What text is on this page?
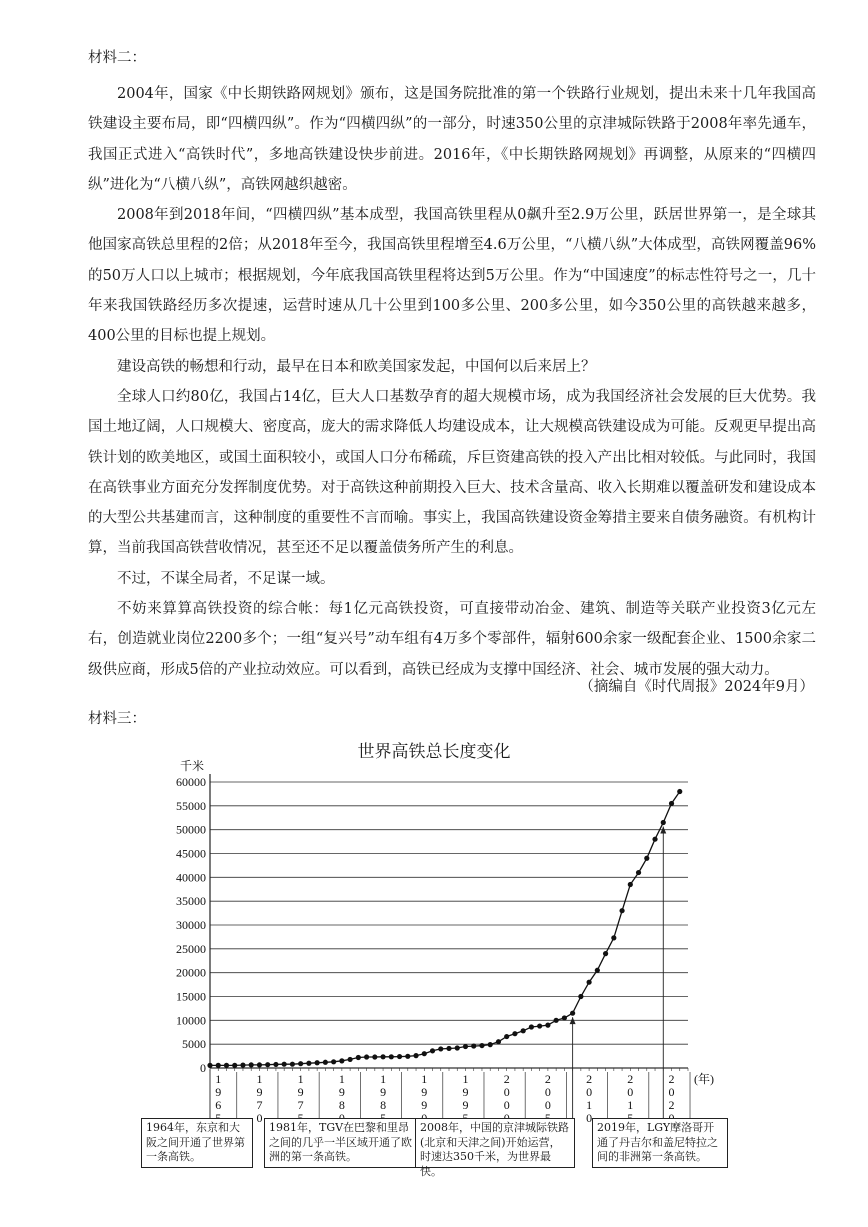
材料二：

2004年，国家《中长期铁路网规划》颁布，这是国务院批准的第一个铁路行业规划，提出未来十几年我国高铁建设主要布局，即“四横四纵”。作为“四横四纵”的一部分，时速350公里的京津城际铁路于2008年率先通车，我国正式进入“高铁时代”，多地高铁建设快步前进。2016年，《中长期铁路网规划》再调整，从原来的“四横四纵”进化为“八横八纵”，高铁网越织越密。

2008年到2018年间，“四横四纵”基本成型，我国高铁里程从0飙升至2.9万公里，跃居世界第一，是全球其他国家高铁总里程的2倍；从2018年至今，我国高铁里程增至4.6万公里，“八横八纵”大体成型，高铁网覆盖96%的50万人口以上城市；根据规划，今年底我国高铁里程将达到5万公里。作为“中国速度”的标志性符号之一，几十年来我国铁路经历多次提速，运营时速从几十公里到100多公里、200多公里，如今350公里的高铁越来越多，400公里的目标也提上规划。

建设高铁的畅想和行动，最早在日本和欧美国家发起，中国何以后来居上？

全球人口约80亿，我国占14亿，巨大人口基数孕育的超大规模市场，成为我国经济社会发展的巨大优势。我国土地辽阔，人口规模大、密度高，庞大的需求降低人均建设成本，让大规模高铁建设成为可能。反观更早提出高铁计划的欧美地区，或国土面积较小，或国人口分布稀疏，斥巨资建高铁的投入产出比相对较低。与此同时，我国在高铁事业方面充分发挥制度优势。对于高铁这种前期投入巨大、技术含量高、收入长期难以覆盖研发和建设成本的大型公共基建而言，这种制度的重要性不言而喻。事实上，我国高铁建设资金筹措主要来自债务融资。有机构计算，当前我国高铁营收情况，甚至还不足以覆盖债务所产生的利息。

不过，不谋全局者，不足谋一域。

不妨来算算高铁投资的综合帐：每1亿元高铁投资，可直接带动冶金、建筑、制造等关联产业投资3亿元左右，创造就业岗位2200多个；一组“复兴号”动车组有4万多个零部件，辐射600余家一级配套企业、1500余家二级供应商，形成5倍的产业拉动效应。可以看到，高铁已经成为支撑中国经济、社会、城市发展的强大动力。

（摘编自《时代周报》2024年9月）
材料三：
世界高铁总长度变化
0
5000
10000
15000
20000
25000
30000
35000
40000
45000
50000
55000
60000
千米
1 9 6
1 9 7 0
1 9 7
1 9 8
1 9 8
1 9 9
1 9 9
2 0 0
2 0 0
2 0 1 0
2 0 1
2 0 2
(年)
1964年，东京和大阪之间开通了世界第一条高铁。
1981年，TGV在巴黎和里昂之间的几乎一半区域开通了欧洲的第一条高铁。
2008年，中国的京津城际铁路(北京和天津之间)开始运营，时速达350千米，为世界最快。
2019年，LGY摩洛哥开通了丹吉尔和盖尼特拉之间的非洲第一条高铁。
